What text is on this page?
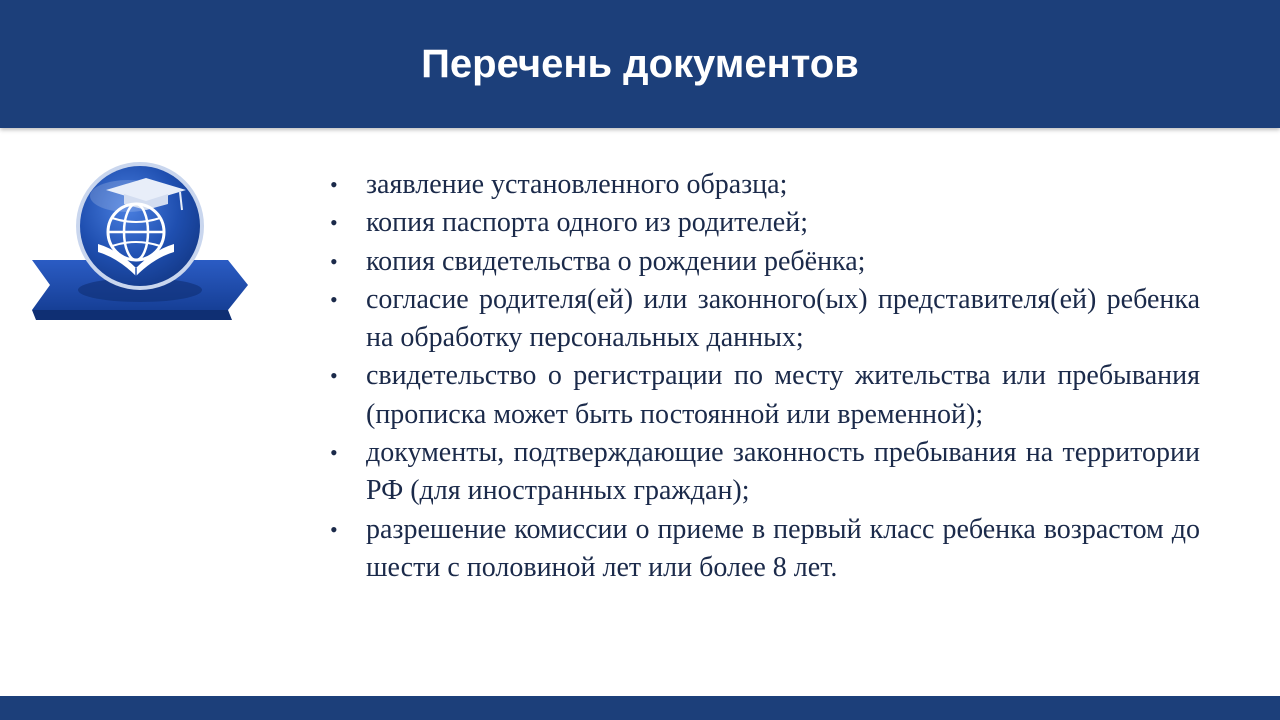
Перечень документов
•	заявление установленного образца;
•	копия паспорта одного из родителей;
•	копия свидетельства о рождении ребёнка;
•	согласие родителя(ей) или законного(ых) представителя(ей) ребенка на обработку персональных данных;
•	свидетельство о регистрации по месту жительства или пребывания (прописка может быть постоянной или временной);
•	документы, подтверждающие законность пребывания на территории РФ (для иностранных граждан);
•	разрешение комиссии о приеме в первый класс ребенка возрастом до шести с половиной лет или более 8 лет.
